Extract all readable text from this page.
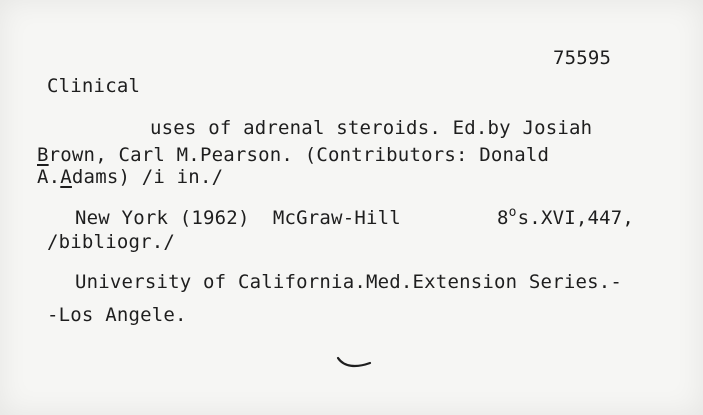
75595
Clinical
uses of adrenal steroids. Ed.by Josiah
Brown, Carl M.Pearson. (Contributors: Donald
A.Adams) /i in./
New York (1962)  McGraw-Hill	8$^o$s.XVI,447,
/bibliogr./
University of California.Med.Extension Series.-
-Los Angele.
